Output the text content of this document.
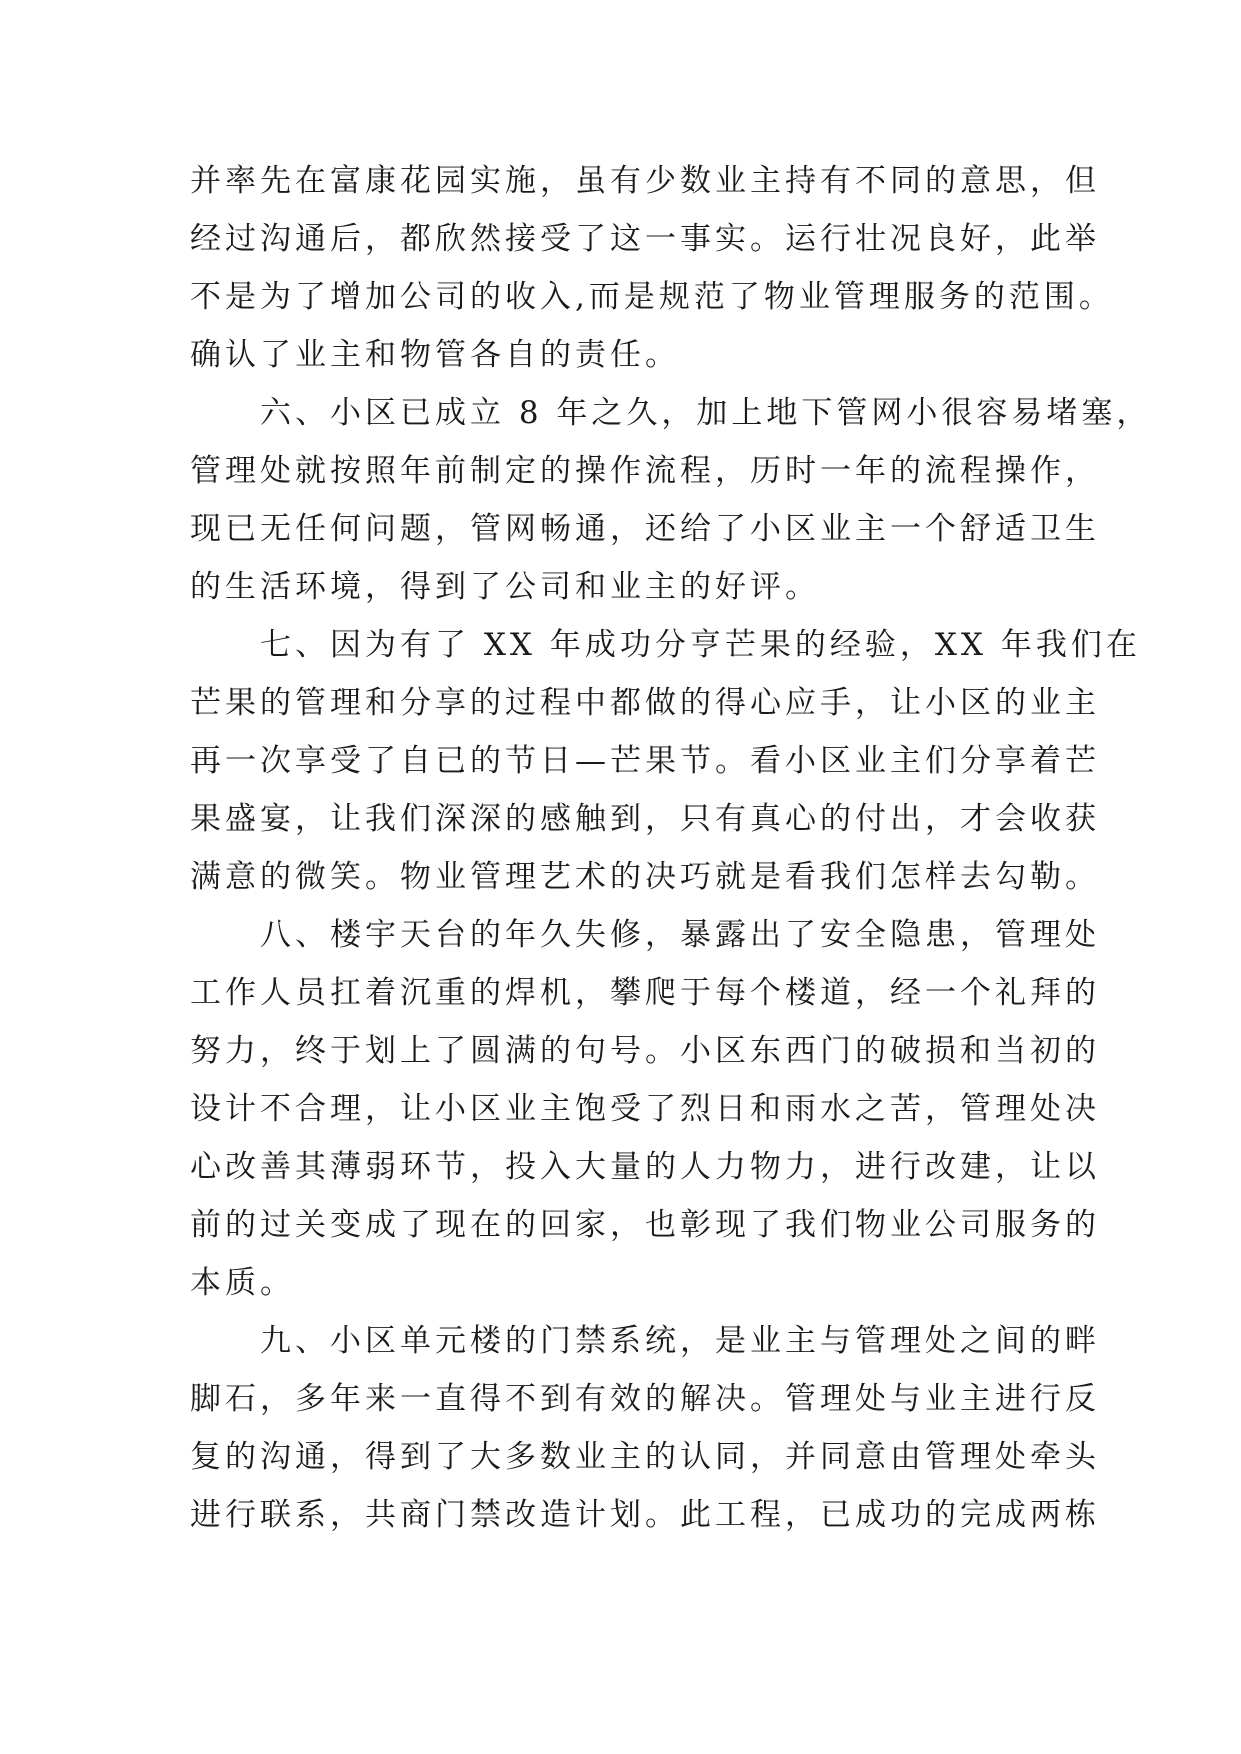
并率先在富康花园实施，虽有少数业主持有不同的意思，但
经过沟通后，都欣然接受了这一事实。运行壮况良好，此举
不是为了增加公司的收入,而是规范了物业管理服务的范围。
确认了业主和物管各自的责任。
六、小区已成立 8 年之久，加上地下管网小很容易堵塞，
管理处就按照年前制定的操作流程，历时一年的流程操作，
现已无任何问题，管网畅通，还给了小区业主一个舒适卫生
的生活环境，得到了公司和业主的好评。
七、因为有了 XX 年成功分亨芒果的经验，XX 年我们在
芒果的管理和分享的过程中都做的得心应手，让小区的业主
再一次享受了自已的节日—芒果节。看小区业主们分享着芒
果盛宴，让我们深深的感触到，只有真心的付出，才会收获
满意的微笑。物业管理艺术的决巧就是看我们怎样去勾勒。
八、楼宇天台的年久失修，暴露出了安全隐患，管理处
工作人员扛着沉重的焊机，攀爬于每个楼道，经一个礼拜的
努力，终于划上了圆满的句号。小区东西门的破损和当初的
设计不合理，让小区业主饱受了烈日和雨水之苦，管理处决
心改善其薄弱环节，投入大量的人力物力，进行改建，让以
前的过关变成了现在的回家，也彰现了我们物业公司服务的
本质。
九、小区单元楼的门禁系统，是业主与管理处之间的畔
脚石，多年来一直得不到有效的解决。管理处与业主进行反
复的沟通，得到了大多数业主的认同，并同意由管理处牵头
进行联系，共商门禁改造计划。此工程，已成功的完成两栋
